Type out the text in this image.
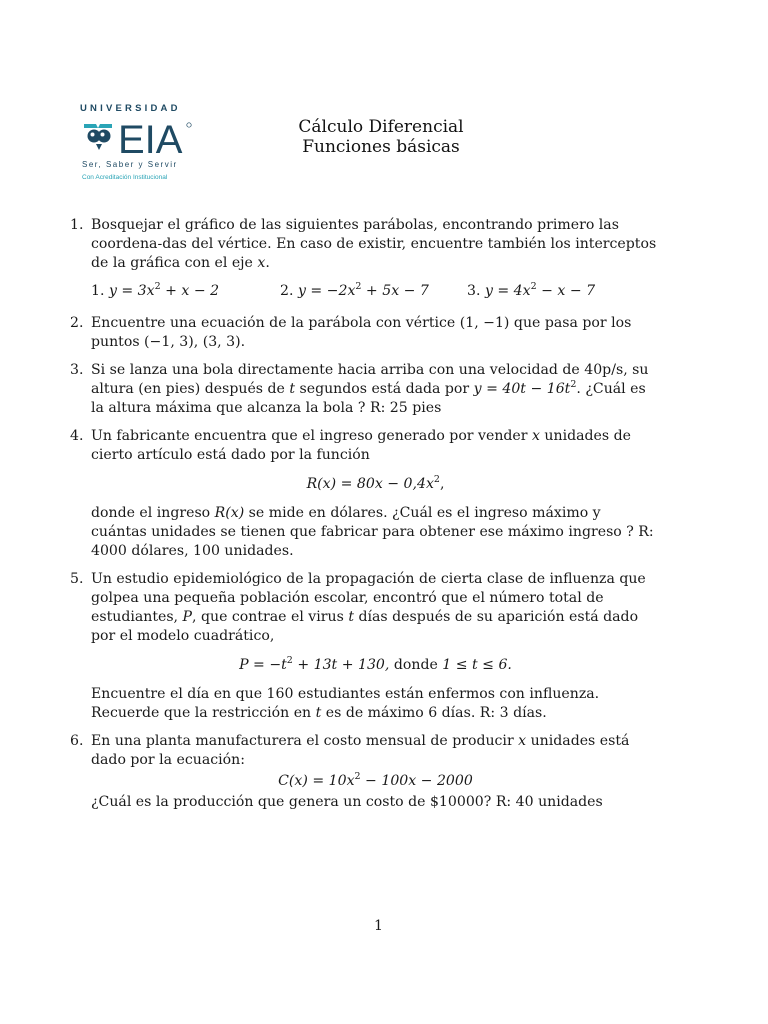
UNIVERSIDAD
EIA
Ser, Saber y Servir
Con Acreditación Institucional
Cálculo Diferencial
Funciones básicas
1. Bosquejar el gráfico de las siguientes parábolas, encontrando primero las coordena-das del vértice. En caso de existir, encuentre también los interceptos de la gráfica con el eje x.
1. $y = 3x^2 + x - 2$	2. $y = -2x^2 + 5x - 7$	3. $y = 4x^2 - x - 7$
2. Encuentre una ecuación de la parábola con vértice (1, −1) que pasa por los puntos (−1, 3), (3, 3).
3. Si se lanza una bola directamente hacia arriba con una velocidad de 40p/s, su altura (en pies) después de t segundos está dada por $y = 40t - 16t^2$. ¿Cuál es la altura máxima que alcanza la bola ? R: 25 pies
4. Un fabricante encuentra que el ingreso generado por vender x unidades de cierto artículo está dado por la función
$R(x) = 80x - 0,4x^2$,
donde el ingreso R(x) se mide en dólares. ¿Cuál es el ingreso máximo y cuántas unidades se tienen que fabricar para obtener ese máximo ingreso ? R: 4000 dólares, 100 unidades.
5. Un estudio epidemiológico de la propagación de cierta clase de influenza que golpea una pequeña población escolar, encontró que el número total de estudiantes, P, que contrae el virus t días después de su aparición está dado por el modelo cuadrático,
$P = -t^2 + 13t + 130$, donde 1 ≤ t ≤ 6.
Encuentre el día en que 160 estudiantes están enfermos con influenza. Recuerde que la restricción en t es de máximo 6 días. R: 3 días.
6. En una planta manufacturera el costo mensual de producir x unidades está dado por la ecuación:
$C(x) = 10x^2 - 100x - 2000$
¿Cuál es la producción que genera un costo de $10000? R: 40 unidades
1
